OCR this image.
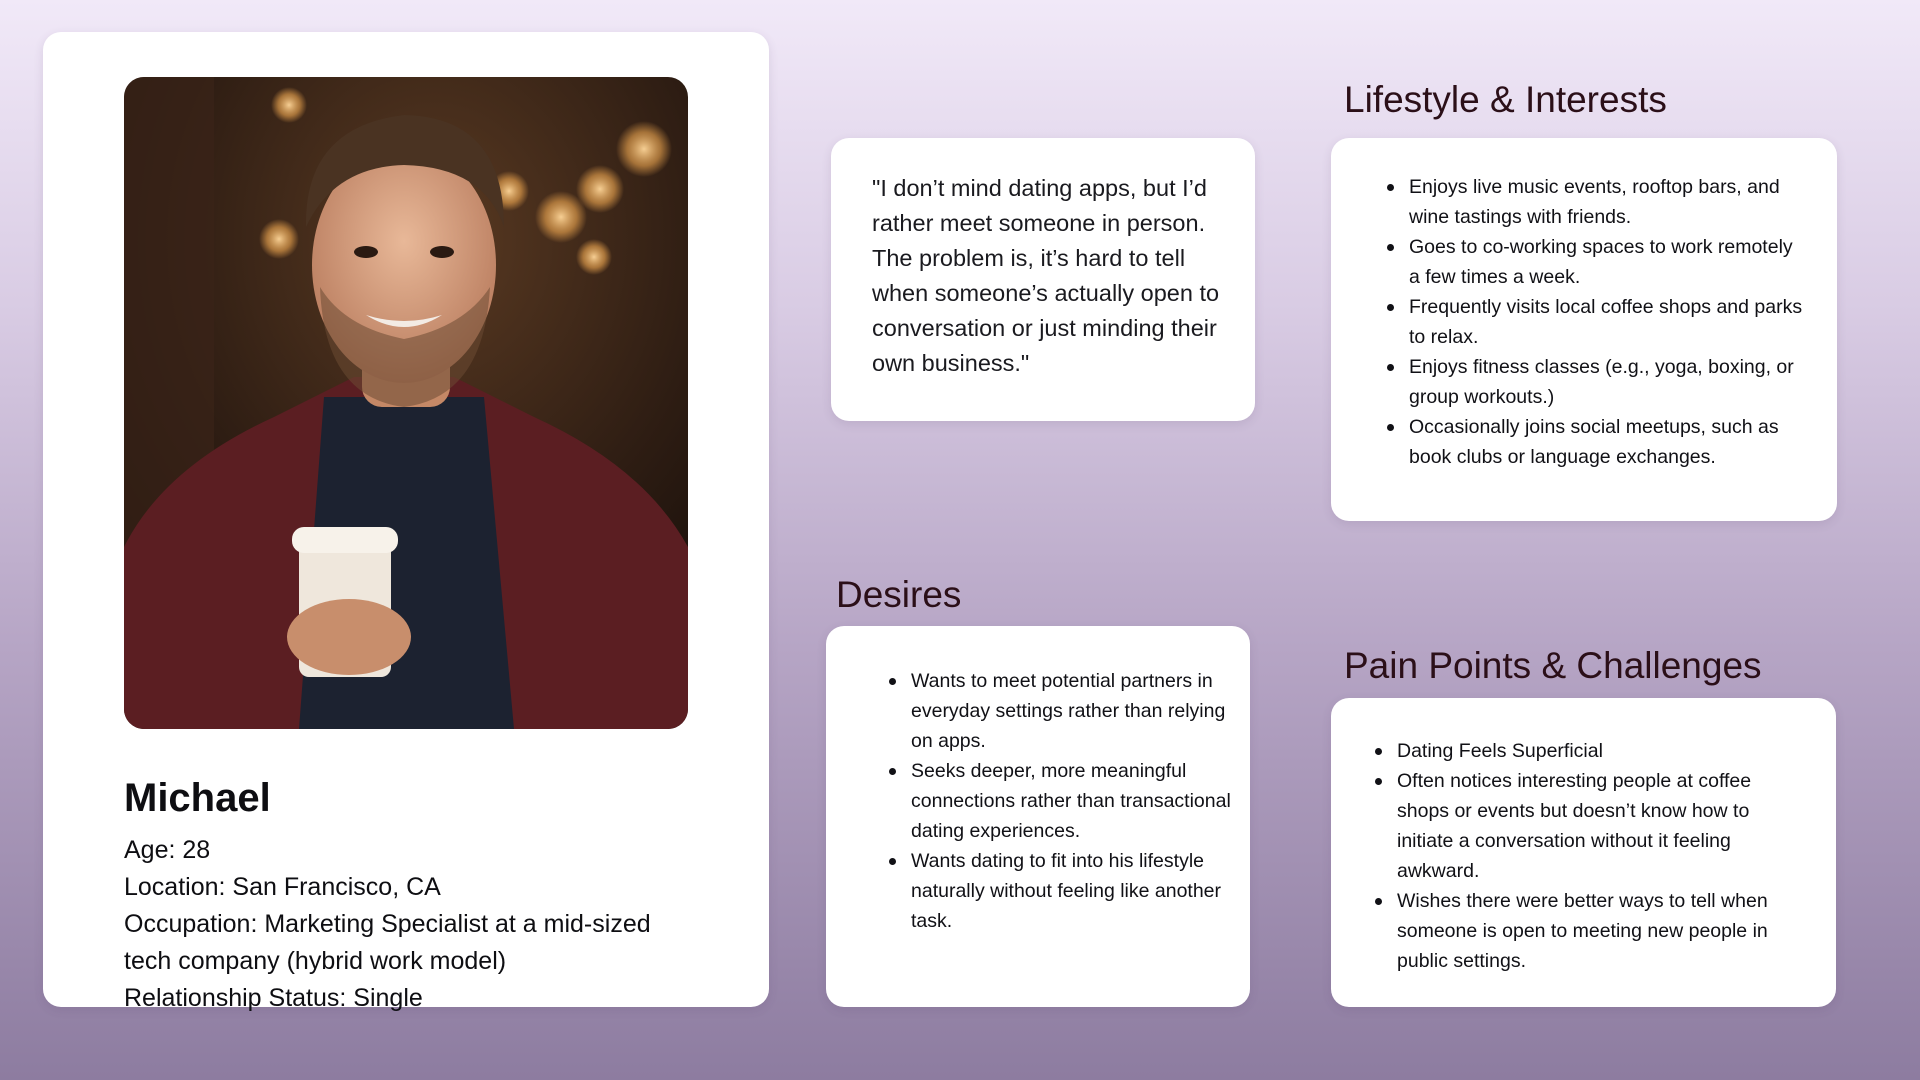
Michael
Age: 28
Location: San Francisco, CA
Occupation: Marketing Specialist at a mid-sized tech company (hybrid work model)
Relationship Status: Single
"I don’t mind dating apps, but I’d rather meet someone in person. The problem is, it’s hard to tell when someone’s actually open to conversation or just minding their own business."
Lifestyle & Interests
Enjoys live music events, rooftop bars, and wine tastings with friends.
Goes to co-working spaces to work remotely a few times a week.
Frequently visits local coffee shops and parks to relax.
Enjoys fitness classes (e.g., yoga, boxing, or group workouts.)
Occasionally joins social meetups, such as book clubs or language exchanges.
Desires
Wants to meet potential partners in everyday settings rather than relying on apps.
Seeks deeper, more meaningful connections rather than transactional dating experiences.
Wants dating to fit into his lifestyle naturally without feeling like another task.
Pain Points & Challenges
Dating Feels Superficial
Often notices interesting people at coffee shops or events but doesn’t know how to initiate a conversation without it feeling awkward.
Wishes there were better ways to tell when someone is open to meeting new people in public settings.
